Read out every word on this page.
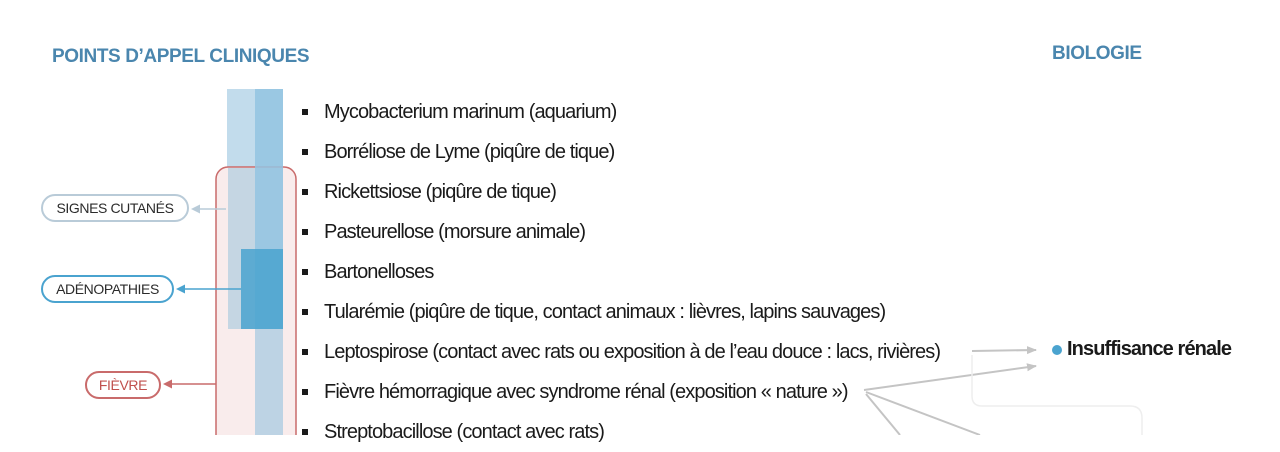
POINTS D’APPEL CLINIQUES	BIOLOGIE
SIGNES CUTANÉS
ADÉNOPATHIES
FIÈVRE
Mycobacterium marinum (aquarium)
Borréliose de Lyme (piqûre de tique)
Rickettsiose (piqûre de tique)
Pasteurellose (morsure animale)
Bartonelloses
Tularémie (piqûre de tique, contact animaux : lièvres, lapins sauvages)
Leptospirose (contact avec rats ou exposition à de l’eau douce : lacs, rivières)
Fièvre hémorragique avec syndrome rénal (exposition « nature »)
Streptobacillose (contact avec rats)
Insuffisance rénale
